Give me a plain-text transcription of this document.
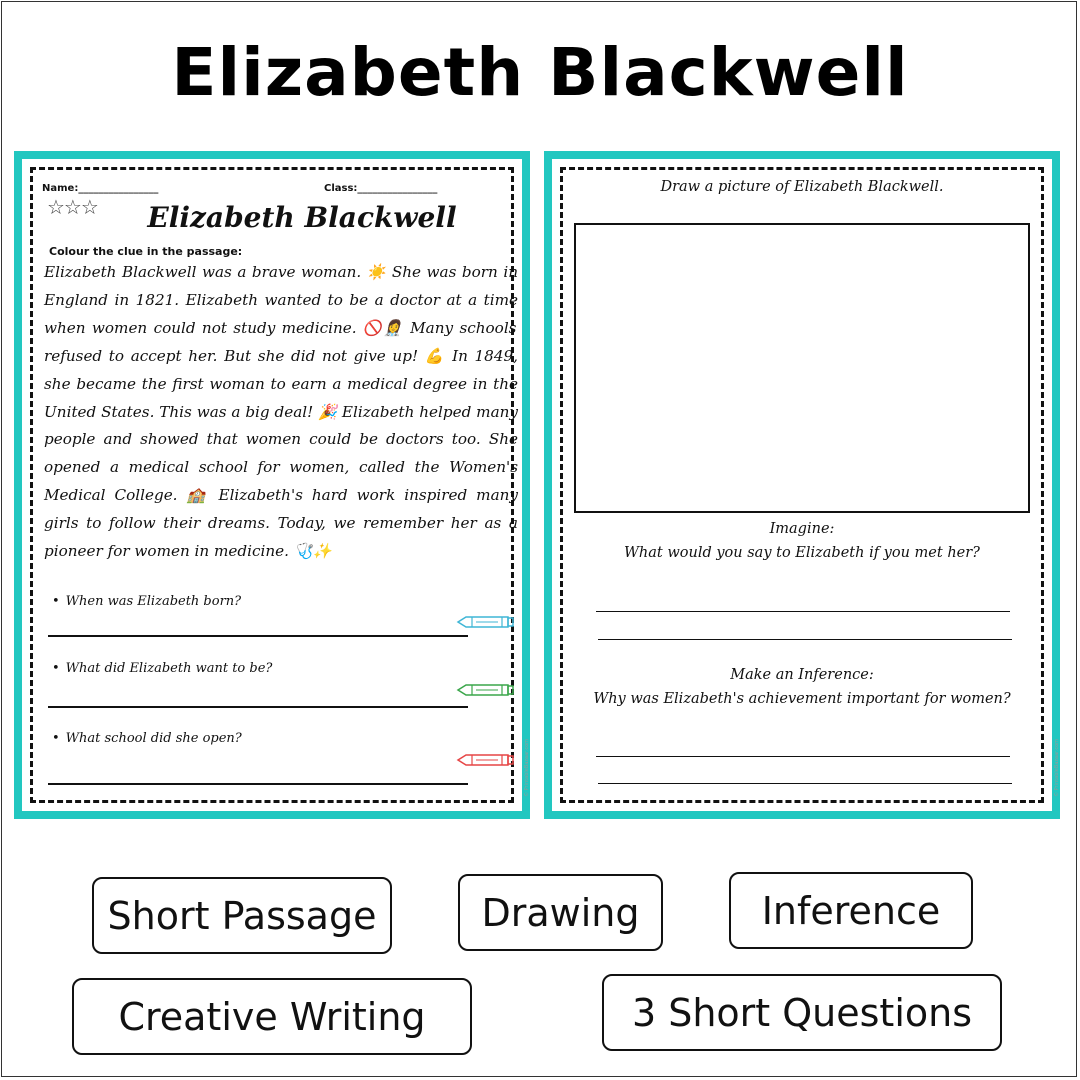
Elizabeth Blackwell
Name:________________	Class:________________
☆☆☆	Elizabeth Blackwell
Colour the clue in the passage:
Elizabeth Blackwell was a brave woman. ☀️ She was born in England in 1821. Elizabeth wanted to be a doctor at a time when women could not study medicine. 🚫👩‍⚕️ Many schools refused to accept her. But she did not give up! 💪 In 1849, she became the first woman to earn a medical degree in the United States. This was a big deal! 🎉 Elizabeth helped many people and showed that women could be doctors too. She opened a medical school for women, called the Women's Medical College. 🏫 Elizabeth's hard work inspired many girls to follow their dreams. Today, we remember her as a pioneer for women in medicine. 🩺✨
• When was Elizabeth born?
• What did Elizabeth want to be?
• What school did she open?
© PrintableBazaar.com
Draw a picture of Elizabeth Blackwell.
Imagine:
What would you say to Elizabeth if you met her?
Make an Inference:
Why was Elizabeth's achievement important for women?
© PrintableBazaar.com
Short Passage	Drawing	Inference
Creative Writing	3 Short Questions
